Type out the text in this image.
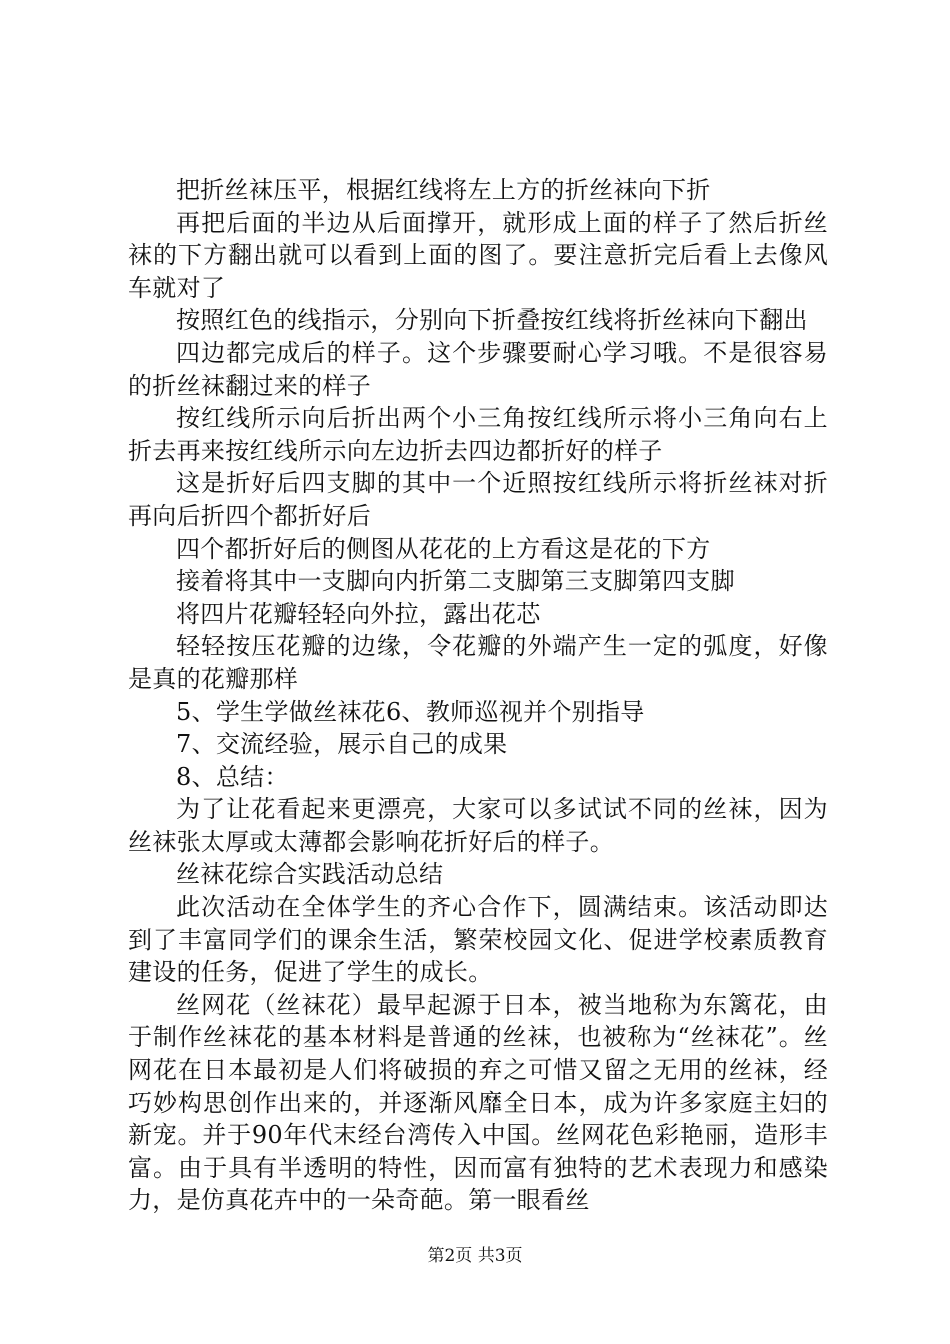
把折丝袜压平，根据红线将左上方的折丝袜向下折

再把后面的半边从后面撑开，就形成上面的样子了然后折丝袜的下方翻出就可以看到上面的图了。要注意折完后看上去像风车就对了

按照红色的线指示，分别向下折叠按红线将折丝袜向下翻出

四边都完成后的样子。这个步骤要耐心学习哦。不是很容易的折丝袜翻过来的样子

按红线所示向后折出两个小三角按红线所示将小三角向右上折去再来按红线所示向左边折去四边都折好的样子

这是折好后四支脚的其中一个近照按红线所示将折丝袜对折再向后折四个都折好后

四个都折好后的侧图从花花的上方看这是花的下方

接着将其中一支脚向内折第二支脚第三支脚第四支脚

将四片花瓣轻轻向外拉，露出花芯

轻轻按压花瓣的边缘，令花瓣的外端产生一定的弧度，好像是真的花瓣那样

5、学生学做丝袜花6、教师巡视并个别指导

7、交流经验，展示自己的成果

8、总结：

为了让花看起来更漂亮，大家可以多试试不同的丝袜，因为丝袜张太厚或太薄都会影响花折好后的样子。

丝袜花综合实践活动总结

此次活动在全体学生的齐心合作下，圆满结束。该活动即达到了丰富同学们的课余生活，繁荣校园文化、促进学校素质教育建设的任务，促进了学生的成长。

丝网花（丝袜花）最早起源于日本，被当地称为东篱花，由于制作丝袜花的基本材料是普通的丝袜，也被称为“丝袜花”。丝网花在日本最初是人们将破损的弃之可惜又留之无用的丝袜，经巧妙构思创作出来的，并逐渐风靡全日本，成为许多家庭主妇的新宠。并于90年代末经台湾传入中国。丝网花色彩艳丽，造形丰富。由于具有半透明的特性，因而富有独特的艺术表现力和感染力，是仿真花卉中的一朵奇葩。第一眼看丝

第2页 共3页
